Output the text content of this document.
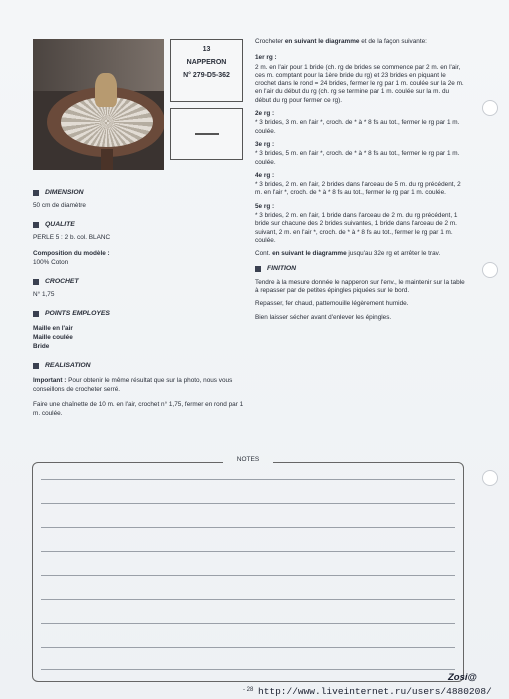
13
NAPPERON
N° 279-D5-362
DIMENSION

50 cm de diamètre

QUALITE

PERLE 5 : 2 b. col. BLANC

Composition du modèle :

100% Coton

CROCHET

N° 1,75

POINTS EMPLOYES

Maille en l'air

Maille coulée

Bride

REALISATION

Important : Pour obtenir le même résultat que sur la photo, nous vous conseillons de crocheter serré.

Faire une chaînette de 10 m. en l'air, crochet n° 1,75, fermer en rond par 1 m. coulée.

Crocheter en suivant le diagramme et de la façon suivante:

1er rg :

2 m. en l'air pour 1 bride (ch. rg de brides se commence par 2 m. en l'air, ces m. comptant pour la 1ère bride du rg) et 23 brides en piquant le crochet dans le rond = 24 brides, fermer le rg par 1 m. coulée sur la 2e m. en l'air du début du rg (ch. rg se termine par 1 m. coulée sur la m. du début du rg pour fermer ce rg).

2e rg :

* 3 brides, 3 m. en l'air *, croch. de * à * 8 fs au tot., fermer le rg par 1 m. coulée.

3e rg :

* 3 brides, 5 m. en l'air *, croch. de * à * 8 fs au tot., fermer le rg par 1 m. coulée.

4e rg :

* 3 brides, 2 m. en l'air, 2 brides dans l'arceau de 5 m. du rg précédent, 2 m. en l'air *, croch. de * à * 8 fs au tot., fermer le rg par 1 m. coulée.

5e rg :

* 3 brides, 2 m. en l'air, 1 bride dans l'arceau de 2 m. du rg précédent, 1 bride sur chacune des 2 brides suivantes, 1 bride dans l'arceau de 2 m. suivant, 2 m. en l'air *, croch. de * à * 8 fs au tot., fermer le rg par 1 m. coulée.

Cont. en suivant le diagramme jusqu'au 32e rg et arrêter le trav.

FINITION

Tendre à la mesure donnée le napperon sur l'env., le maintenir sur la table à repasser par de petites épingles piquées sur le bord.

Repasser, fer chaud, pattemouille légèrement humide.

Bien laisser sécher avant d'enlever les épingles.

NOTES
- 28
Zosi@
http://www.liveinternet.ru/users/4880208/
